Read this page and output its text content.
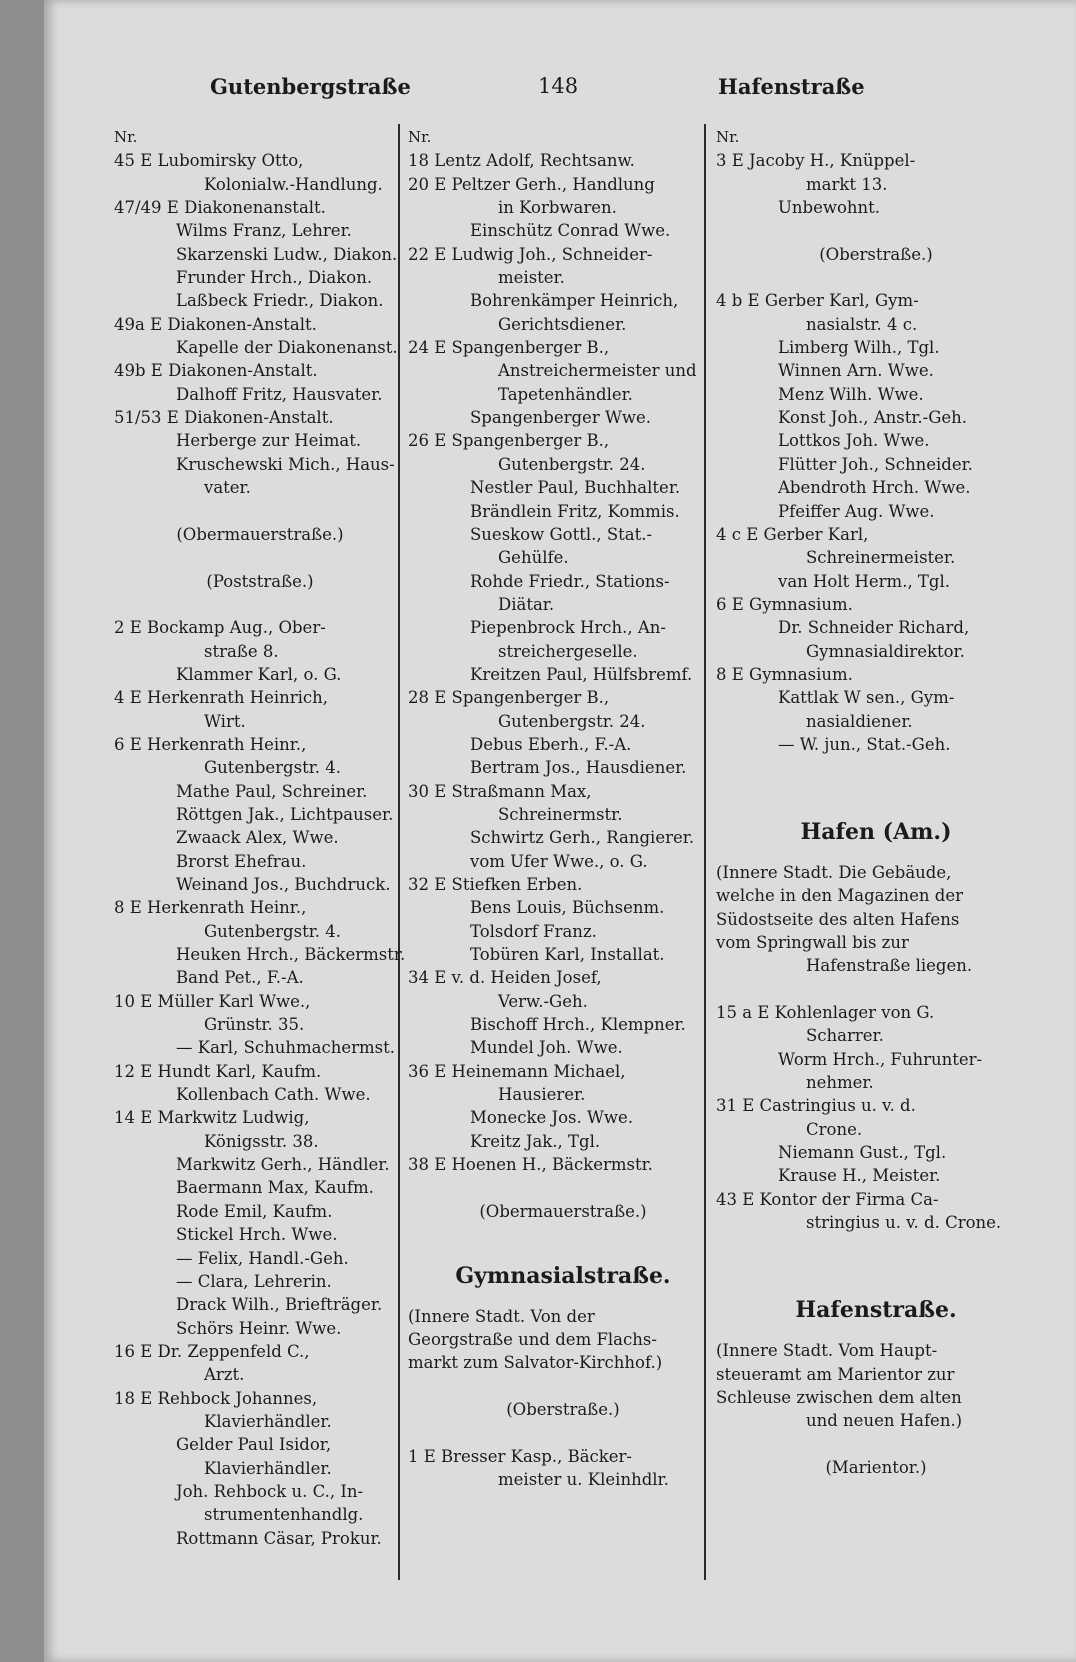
Gutenbergstraße	148	Hafenstraße
Nr.
45 E Lubomirsky Otto,
Kolonialw.-Handlung.
47/49 E Diakonenanstalt.
Wilms Franz, Lehrer.
Skarzenski Ludw., Diakon.
Frunder Hrch., Diakon.
Laßbeck Friedr., Diakon.
49a E Diakonen-Anstalt.
Kapelle der Diakonenanst.
49b E Diakonen-Anstalt.
Dalhoff Fritz, Hausvater.
51/53 E Diakonen-Anstalt.
Herberge zur Heimat.
Kruschewski Mich., Haus-
vater.
(Obermauerstraße.)
(Poststraße.)
2 E Bockamp Aug., Ober-
straße 8.
Klammer Karl, o. G.
4 E Herkenrath Heinrich,
Wirt.
6 E Herkenrath Heinr.,
Gutenbergstr. 4.
Mathe Paul, Schreiner.
Röttgen Jak., Lichtpauser.
Zwaack Alex, Wwe.
Brorst Ehefrau.
Weinand Jos., Buchdruck.
8 E Herkenrath Heinr.,
Gutenbergstr. 4.
Heuken Hrch., Bäckermstr.
Band Pet., F.-A.
10 E Müller Karl Wwe.,
Grünstr. 35.
— Karl, Schuhmachermst.
12 E Hundt Karl, Kaufm.
Kollenbach Cath. Wwe.
14 E Markwitz Ludwig,
Königsstr. 38.
Markwitz Gerh., Händler.
Baermann Max, Kaufm.
Rode Emil, Kaufm.
Stickel Hrch. Wwe.
— Felix, Handl.-Geh.
— Clara, Lehrerin.
Drack Wilh., Briefträger.
Schörs Heinr. Wwe.
16 E Dr. Zeppenfeld C.,
Arzt.
18 E Rehbock Johannes,
Klavierhändler.
Gelder Paul Isidor,
Klavierhändler.
Joh. Rehbock u. C., In-
strumentenhandlg.
Rottmann Cäsar, Prokur.
Nr.
18 Lentz Adolf, Rechtsanw.
20 E Peltzer Gerh., Handlung
in Korbwaren.
Einschütz Conrad Wwe.
22 E Ludwig Joh., Schneider-
meister.
Bohrenkämper Heinrich,
Gerichtsdiener.
24 E Spangenberger B.,
Anstreichermeister und
Tapetenhändler.
Spangenberger Wwe.
26 E Spangenberger B.,
Gutenbergstr. 24.
Nestler Paul, Buchhalter.
Brändlein Fritz, Kommis.
Sueskow Gottl., Stat.-
Gehülfe.
Rohde Friedr., Stations-
Diätar.
Piepenbrock Hrch., An-
streichergeselle.
Kreitzen Paul, Hülfsbremf.
28 E Spangenberger B.,
Gutenbergstr. 24.
Debus Eberh., F.-A.
Bertram Jos., Hausdiener.
30 E Straßmann Max,
Schreinermstr.
Schwirtz Gerh., Rangierer.
vom Ufer Wwe., o. G.
32 E Stiefken Erben.
Bens Louis, Büchsenm.
Tolsdorf Franz.
Tobüren Karl, Installat.
34 E v. d. Heiden Josef,
Verw.-Geh.
Bischoff Hrch., Klempner.
Mundel Joh. Wwe.
36 E Heinemann Michael,
Hausierer.
Monecke Jos. Wwe.
Kreitz Jak., Tgl.
38 E Hoenen H., Bäckermstr.
(Obermauerstraße.)
Gymnasialstraße.
(Innere Stadt. Von der
Georgstraße und dem Flachs-
markt zum Salvator-Kirchhof.)
(Oberstraße.)
1 E Bresser Kasp., Bäcker-
meister u. Kleinhdlr.
Nr.
3 E Jacoby H., Knüppel-
markt 13.
Unbewohnt.
(Oberstraße.)
4 b E Gerber Karl, Gym-
nasialstr. 4 c.
Limberg Wilh., Tgl.
Winnen Arn. Wwe.
Menz Wilh. Wwe.
Konst Joh., Anstr.-Geh.
Lottkos Joh. Wwe.
Flütter Joh., Schneider.
Abendroth Hrch. Wwe.
Pfeiffer Aug. Wwe.
4 c E Gerber Karl,
Schreinermeister.
van Holt Herm., Tgl.
6 E Gymnasium.
Dr. Schneider Richard,
Gymnasialdirektor.
8 E Gymnasium.
Kattlak W sen., Gym-
nasialdiener.
— W. jun., Stat.-Geh.
Hafen (Am.)
(Innere Stadt. Die Gebäude,
welche in den Magazinen der
Südostseite des alten Hafens
vom Springwall bis zur
Hafenstraße liegen.
15 a E Kohlenlager von G.
Scharrer.
Worm Hrch., Fuhrunter-
nehmer.
31 E Castringius u. v. d.
Crone.
Niemann Gust., Tgl.
Krause H., Meister.
43 E Kontor der Firma Ca-
stringius u. v. d. Crone.
Hafenstraße.
(Innere Stadt. Vom Haupt-
steueramt am Marientor zur
Schleuse zwischen dem alten
und neuen Hafen.)
(Marientor.)
